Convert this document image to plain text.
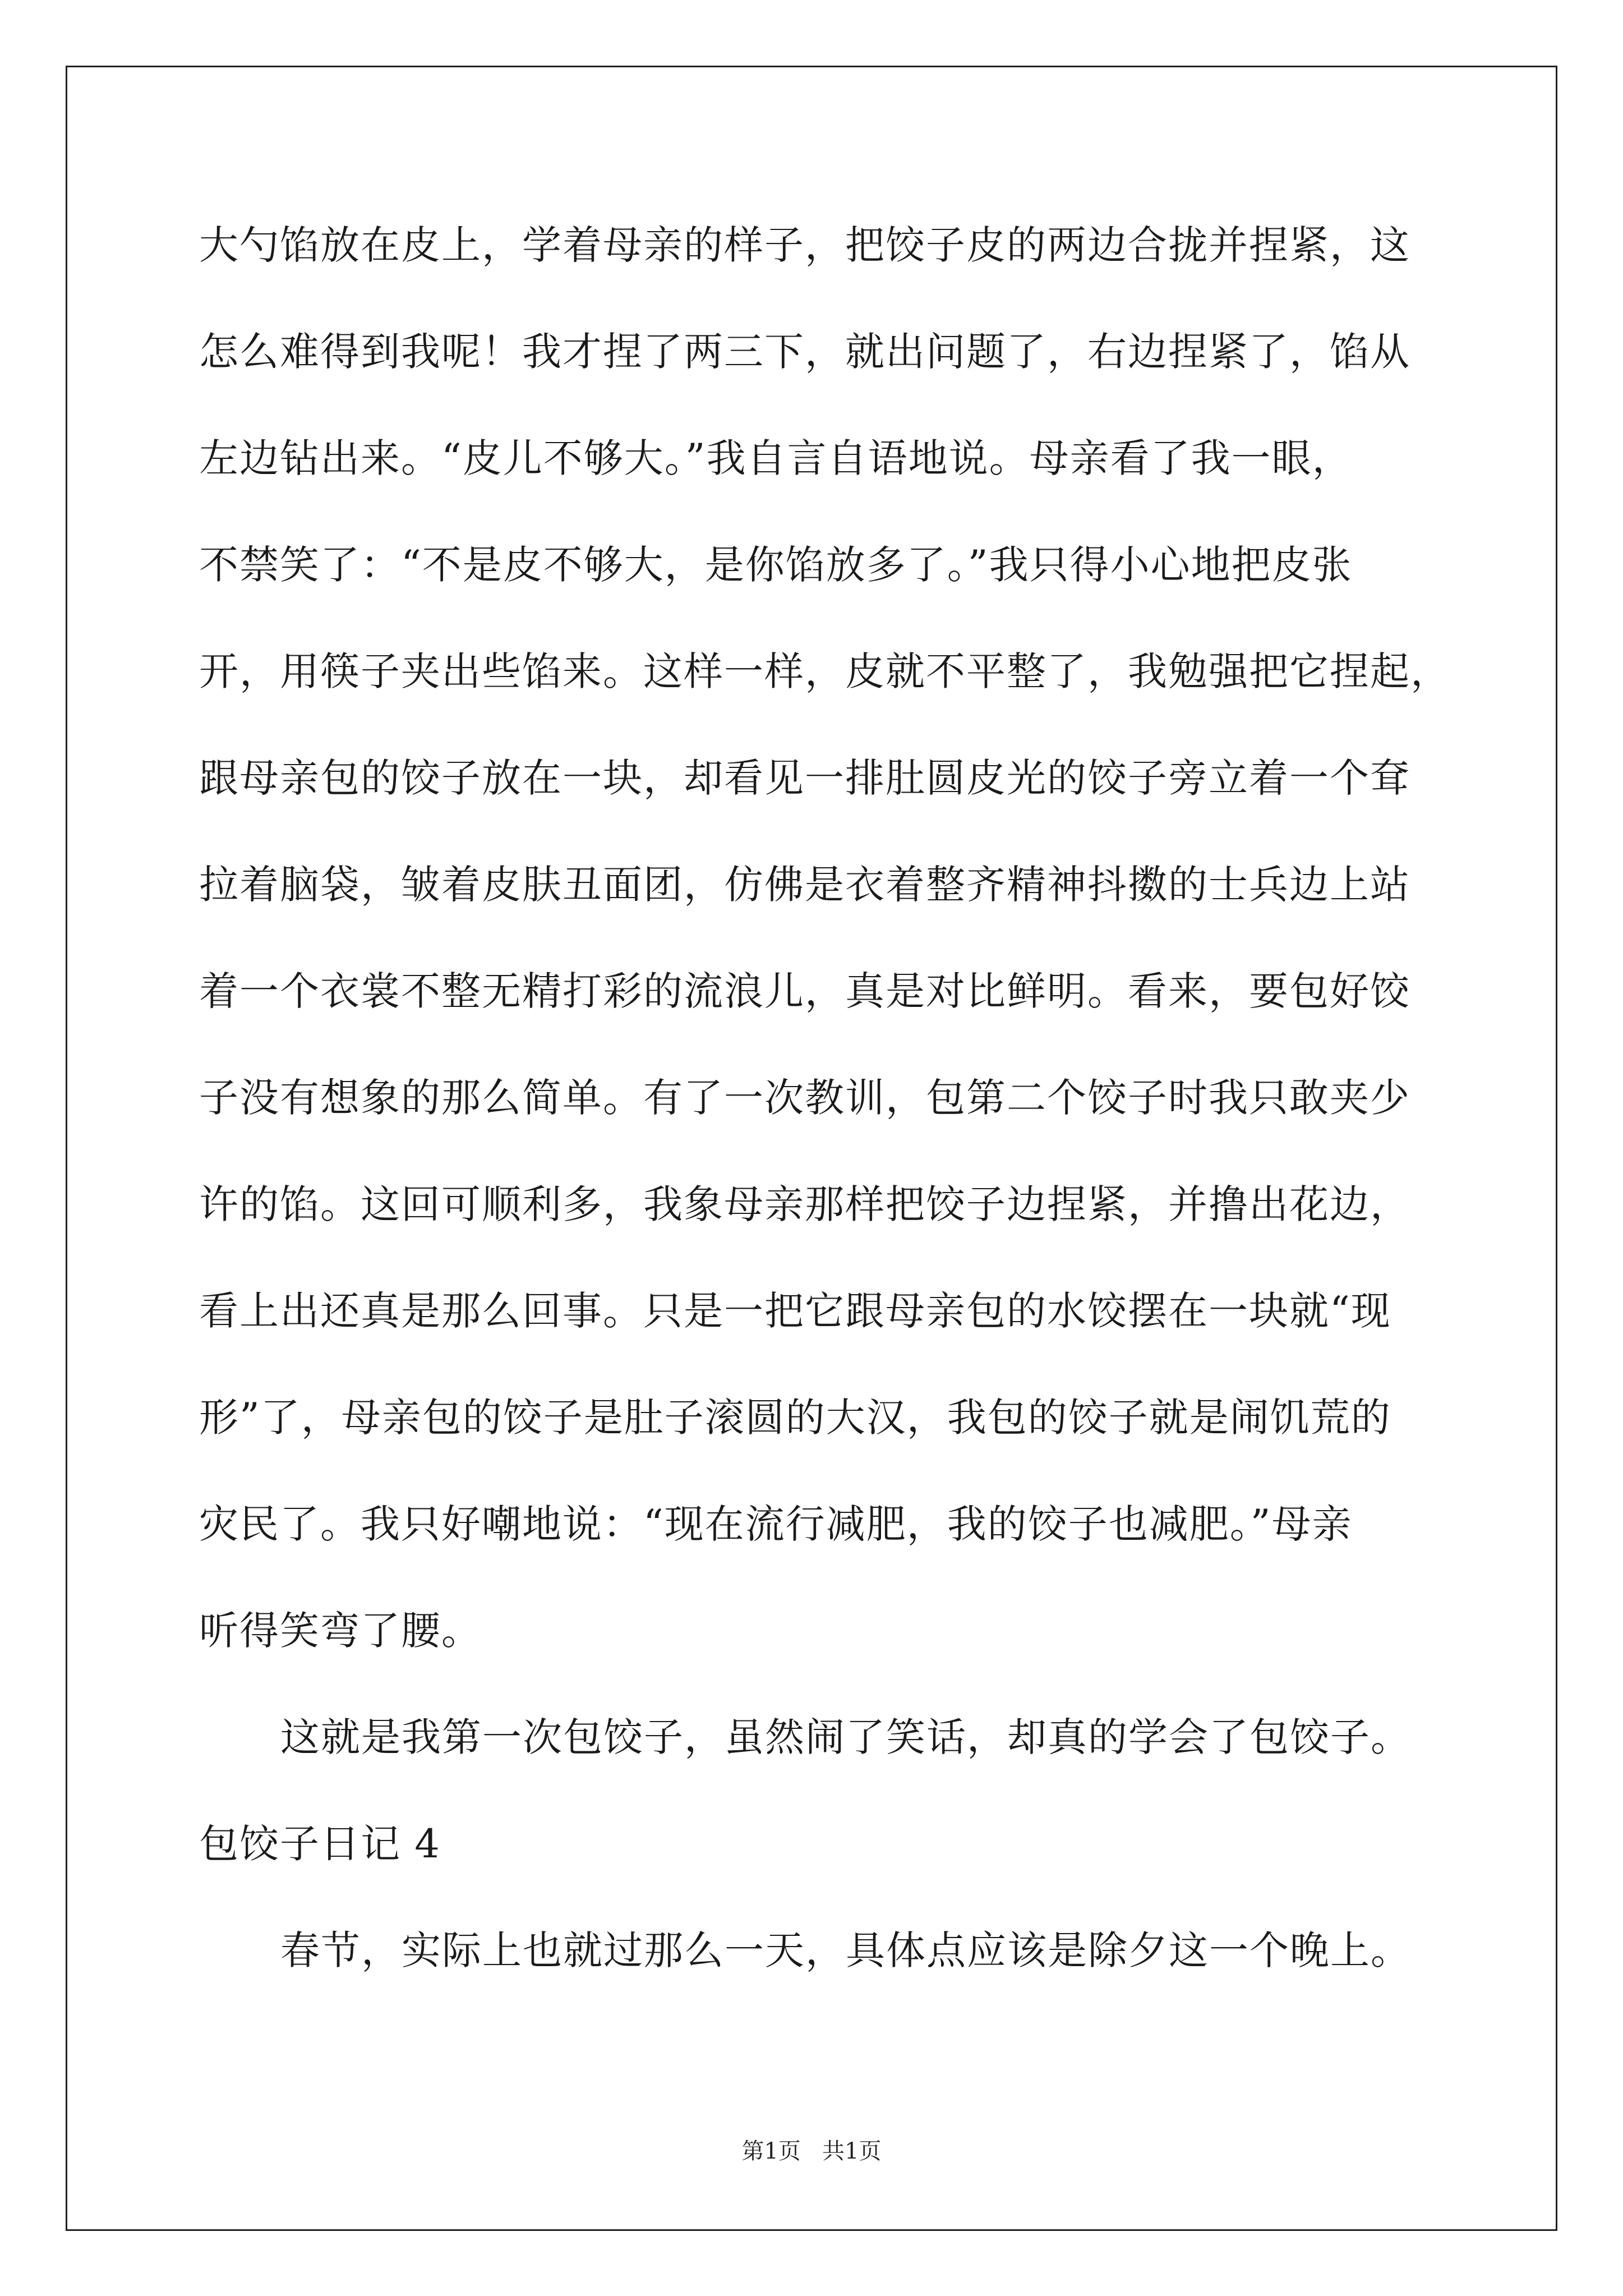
大勺馅放在皮上，学着母亲的样子，把饺子皮的两边合拢并捏紧，这
怎么难得到我呢！我才捏了两三下，就出问题了，右边捏紧了，馅从
左边钻出来。“皮儿不够大。”我自言自语地说。母亲看了我一眼，
不禁笑了：“不是皮不够大，是你馅放多了。”我只得小心地把皮张
开，用筷子夹出些馅来。这样一样，皮就不平整了，我勉强把它捏起，
跟母亲包的饺子放在一块，却看见一排肚圆皮光的饺子旁立着一个耷
拉着脑袋，皱着皮肤丑面团，仿佛是衣着整齐精神抖擞的士兵边上站
着一个衣裳不整无精打彩的流浪儿，真是对比鲜明。看来，要包好饺
子没有想象的那么简单。有了一次教训，包第二个饺子时我只敢夹少
许的馅。这回可顺利多，我象母亲那样把饺子边捏紧，并撸出花边，
看上出还真是那么回事。只是一把它跟母亲包的水饺摆在一块就“现
形”了，母亲包的饺子是肚子滚圆的大汉，我包的饺子就是闹饥荒的
灾民了。我只好嘲地说：“现在流行减肥，我的饺子也减肥。”母亲
听得笑弯了腰。
这就是我第一次包饺子，虽然闹了笑话，却真的学会了包饺子。
包饺子日记 4
春节，实际上也就过那么一天，具体点应该是除夕这一个晚上。
第1页   共1页
